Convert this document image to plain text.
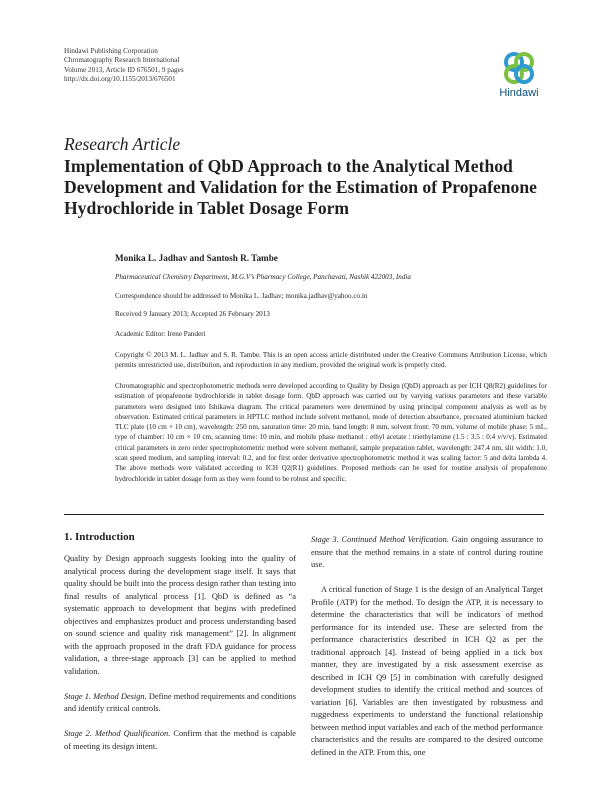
Hindawi Publishing Corporation
Chromatography Research International
Volume 2013, Article ID 676501, 9 pages
http://dx.doi.org/10.1155/2013/676501
Hindawi
Research Article
Implementation of QbD Approach to the Analytical Method Development and Validation for the Estimation of Propafenone Hydrochloride in Tablet Dosage Form
Monika L. Jadhav and Santosh R. Tambe
Pharmaceutical Chemistry Department, M.G.V’s Pharmacy College, Panchavati, Nashik 422003, India
Correspondence should be addressed to Monika L. Jadhav; monika.jadhav@yahoo.co.in
Received 9 January 2013; Accepted 26 February 2013
Academic Editor: Irene Panderi
Copyright © 2013 M. L. Jadhav and S. R. Tambe. This is an open access article distributed under the Creative Commons Attribution License, which permits unrestricted use, distribution, and reproduction in any medium, provided the original work is properly cited.
Chromatographic and spectrophotometric methods were developed according to Quality by Design (QbD) approach as per ICH Q8(R2) guidelines for estimation of propafenone hydrochloride in tablet dosage form. QbD approach was carried out by varying various parameters and these variable parameters were designed into Ishikawa diagram. The critical parameters were determined by using principal component analysis as well as by observation. Estimated critical parameters in HPTLC method include solvent methanol, mode of detection absorbance, precoated aluminium backed TLC plate (10 cm × 10 cm), wavelength: 250 nm, saturation time: 20 min, band length: 8 mm, solvent front: 70 mm, volume of mobile phase: 5 mL, type of chamber: 10 cm × 10 cm, scanning time: 10 min, and mobile phase methanol : ethyl acetate : triethylamine (1.5 : 3.5 : 0.4 v/v/v). Estimated critical parameters in zero order spectrophotometric method were solvent methanol, sample preparation tablet, wavelength: 247.4 nm, slit width: 1.0, scan speed medium, and sampling interval: 0.2, and for first order derivative spectrophotometric method it was scaling factor: 5 and delta lambda 4. The above methods were validated according to ICH Q2(R1) guidelines. Proposed methods can be used for routine analysis of propafenone hydrochloride in tablet dosage form as they were found to be robust and specific.
1. Introduction

Quality by Design approach suggests looking into the quality of analytical process during the development stage itself. It says that quality should be built into the process design rather than testing into final results of analytical process [1]. QbD is defined as “a systematic approach to development that begins with predefined objectives and emphasizes product and process understanding based on sound science and quality risk management” [2]. In alignment with the approach proposed in the draft FDA guidance for process validation, a three-stage approach [3] can be applied to method validation.

Stage 1. Method Design. Define method requirements and conditions and identify critical controls.

Stage 2. Method Qualification. Confirm that the method is capable of meeting its design intent.

Stage 3. Continued Method Verification. Gain ongoing assurance to ensure that the method remains in a state of control during routine use.

A critical function of Stage 1 is the design of an Analytical Target Profile (ATP) for the method. To design the ATP, it is necessary to determine the characteristics that will be indicators of method performance for its intended use. These are selected from the performance characteristics described in ICH Q2 as per the traditional approach [4]. Instead of being applied in a tick box manner, they are investigated by a risk assessment exercise as described in ICH Q9 [5] in combination with carefully designed development studies to identify the critical method and sources of variation [6]. Variables are then investigated by robustness and ruggedness experiments to understand the functional relationship between method input variables and each of the method performance characteristics and the results are compared to the desired outcome defined in the ATP. From this, one
